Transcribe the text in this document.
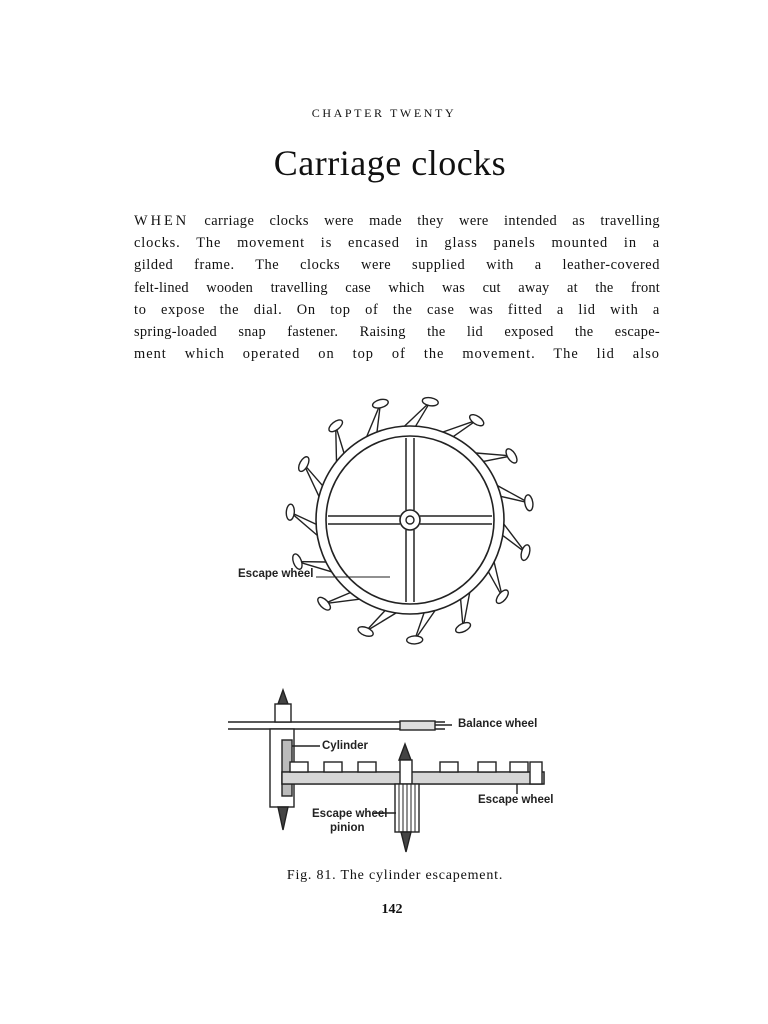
CHAPTER TWENTY
Carriage clocks

WHEN carriage clocks were made they were intended as travelling
clocks. The movement is encased in glass panels mounted in a
gilded frame. The clocks were supplied with a leather-covered
felt-lined wooden travelling case which was cut away at the front
to expose the dial. On top of the case was fitted a lid with a
spring-loaded snap fastener. Raising the lid exposed the escape-
ment which operated on top of the movement. The lid also

Escape wheel
Balance wheel
Cylinder
Escape wheel
Escape wheel
pinion
Fig. 81. The cylinder escapement.
142
